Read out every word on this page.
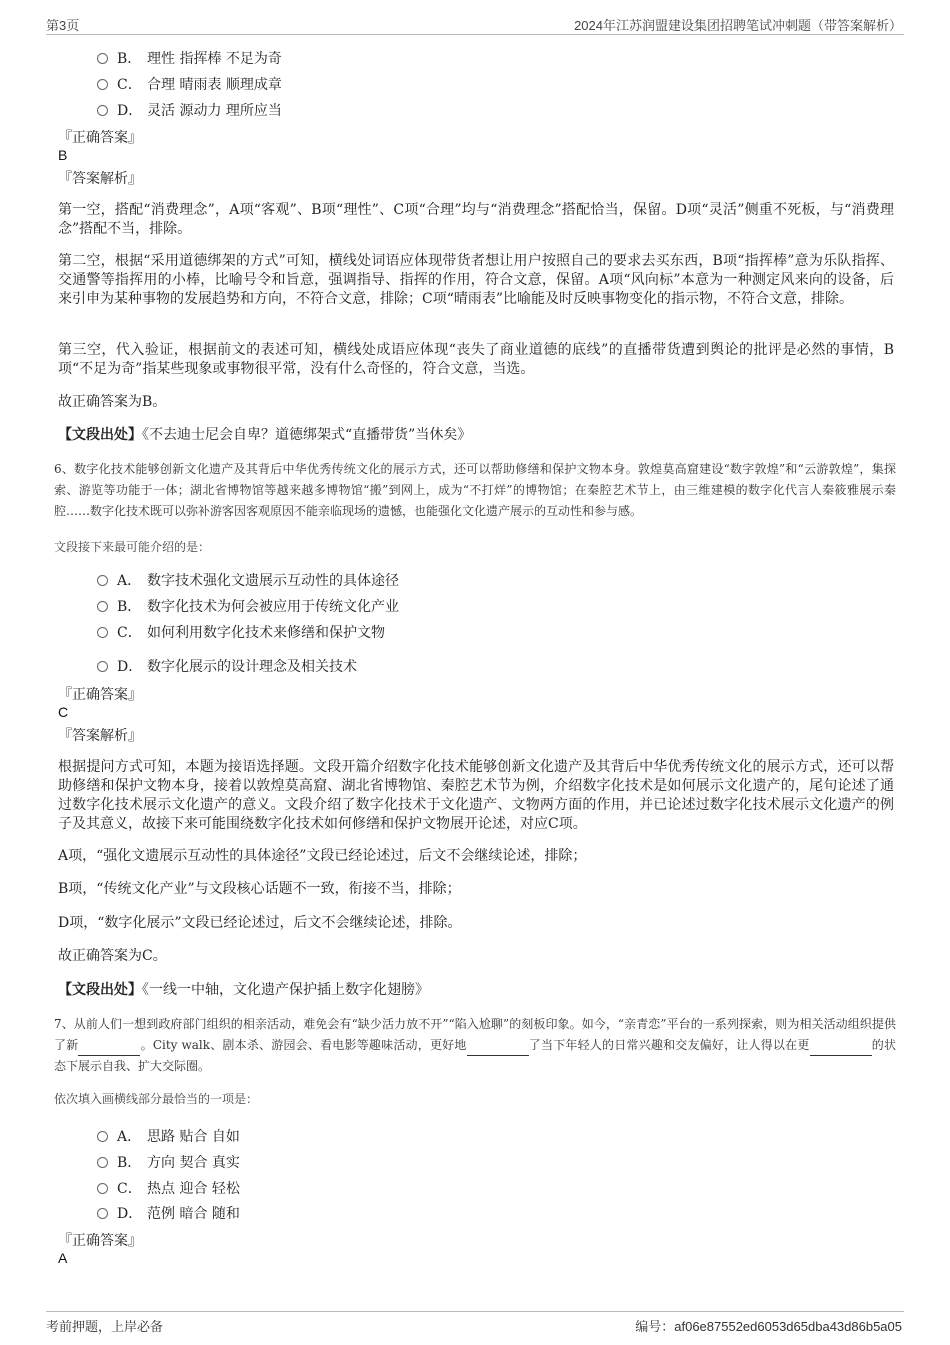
第3页	2024年江苏润盟建设集团招聘笔试冲刺题（带答案解析）
B． 理性 指挥棒 不足为奇
C． 合理 晴雨表 顺理成章
D． 灵活 源动力 理所应当
『正确答案』
B
『答案解析』
第一空，搭配“消费理念”，A项“客观”、B项“理性”、C项“合理”均与“消费理念”搭配恰当，保留。D项“灵活”侧重不死板，与“消费理念”搭配不当，排除。
第二空，根据“采用道德绑架的方式”可知，横线处词语应体现带货者想让用户按照自己的要求去买东西，B项“指挥棒”意为乐队指挥、交通警等指挥用的小棒，比喻号令和旨意，强调指导、指挥的作用，符合文意，保留。A项“风向标”本意为一种测定风来向的设备，后来引申为某种事物的发展趋势和方向，不符合文意，排除；C项“晴雨表”比喻能及时反映事物变化的指示物，不符合文意，排除。
第三空，代入验证，根据前文的表述可知，横线处成语应体现“丧失了商业道德的底线”的直播带货遭到舆论的批评是必然的事情，B项“不足为奇”指某些现象或事物很平常，没有什么奇怪的，符合文意，当选。
故正确答案为B。
【文段出处】《不去迪士尼会自卑？道德绑架式“直播带货”当休矣》
6、数字化技术能够创新文化遗产及其背后中华优秀传统文化的展示方式，还可以帮助修缮和保护文物本身。敦煌莫高窟建设“数字敦煌”和“云游敦煌”，集探索、游览等功能于一体；湖北省博物馆等越来越多博物馆“搬”到网上，成为“不打烊”的博物馆；在秦腔艺术节上，由三维建模的数字化代言人秦筱雅展示秦腔……数字化技术既可以弥补游客因客观原因不能亲临现场的遗憾，也能强化文化遗产展示的互动性和参与感。
文段接下来最可能介绍的是：
A． 数字技术强化文遗展示互动性的具体途径
B． 数字化技术为何会被应用于传统文化产业
C． 如何利用数字化技术来修缮和保护文物
D． 数字化展示的设计理念及相关技术
『正确答案』
C
『答案解析』
根据提问方式可知，本题为接语选择题。文段开篇介绍数字化技术能够创新文化遗产及其背后中华优秀传统文化的展示方式，还可以帮助修缮和保护文物本身，接着以敦煌莫高窟、湖北省博物馆、秦腔艺术节为例，介绍数字化技术是如何展示文化遗产的，尾句论述了通过数字化技术展示文化遗产的意义。文段介绍了数字化技术于文化遗产、文物两方面的作用，并已论述过数字化技术展示文化遗产的例子及其意义，故接下来可能围绕数字化技术如何修缮和保护文物展开论述，对应C项。
A项，“强化文遗展示互动性的具体途径”文段已经论述过，后文不会继续论述，排除；
B项，“传统文化产业”与文段核心话题不一致，衔接不当，排除；
D项，“数字化展示”文段已经论述过，后文不会继续论述，排除。
故正确答案为C。
【文段出处】《一线一中轴，文化遗产保护插上数字化翅膀》
7、从前人们一想到政府部门组织的相亲活动，难免会有“缺少活力放不开”“陷入尬聊”的刻板印象。如今，“亲青恋”平台的一系列探索，则为相关活动组织提供了新	。City walk、剧本杀、游园会、看电影等趣味活动，更好地	了当下年轻人的日常兴趣和交友偏好，让人得以在更	的状态下展示自我、扩大交际圈。
依次填入画横线部分最恰当的一项是：
A． 思路 贴合 自如
B． 方向 契合 真实
C． 热点 迎合 轻松
D． 范例 暗合 随和
『正确答案』
A
考前押题，上岸必备	编号：af06e87552ed6053d65dba43d86b5a05
